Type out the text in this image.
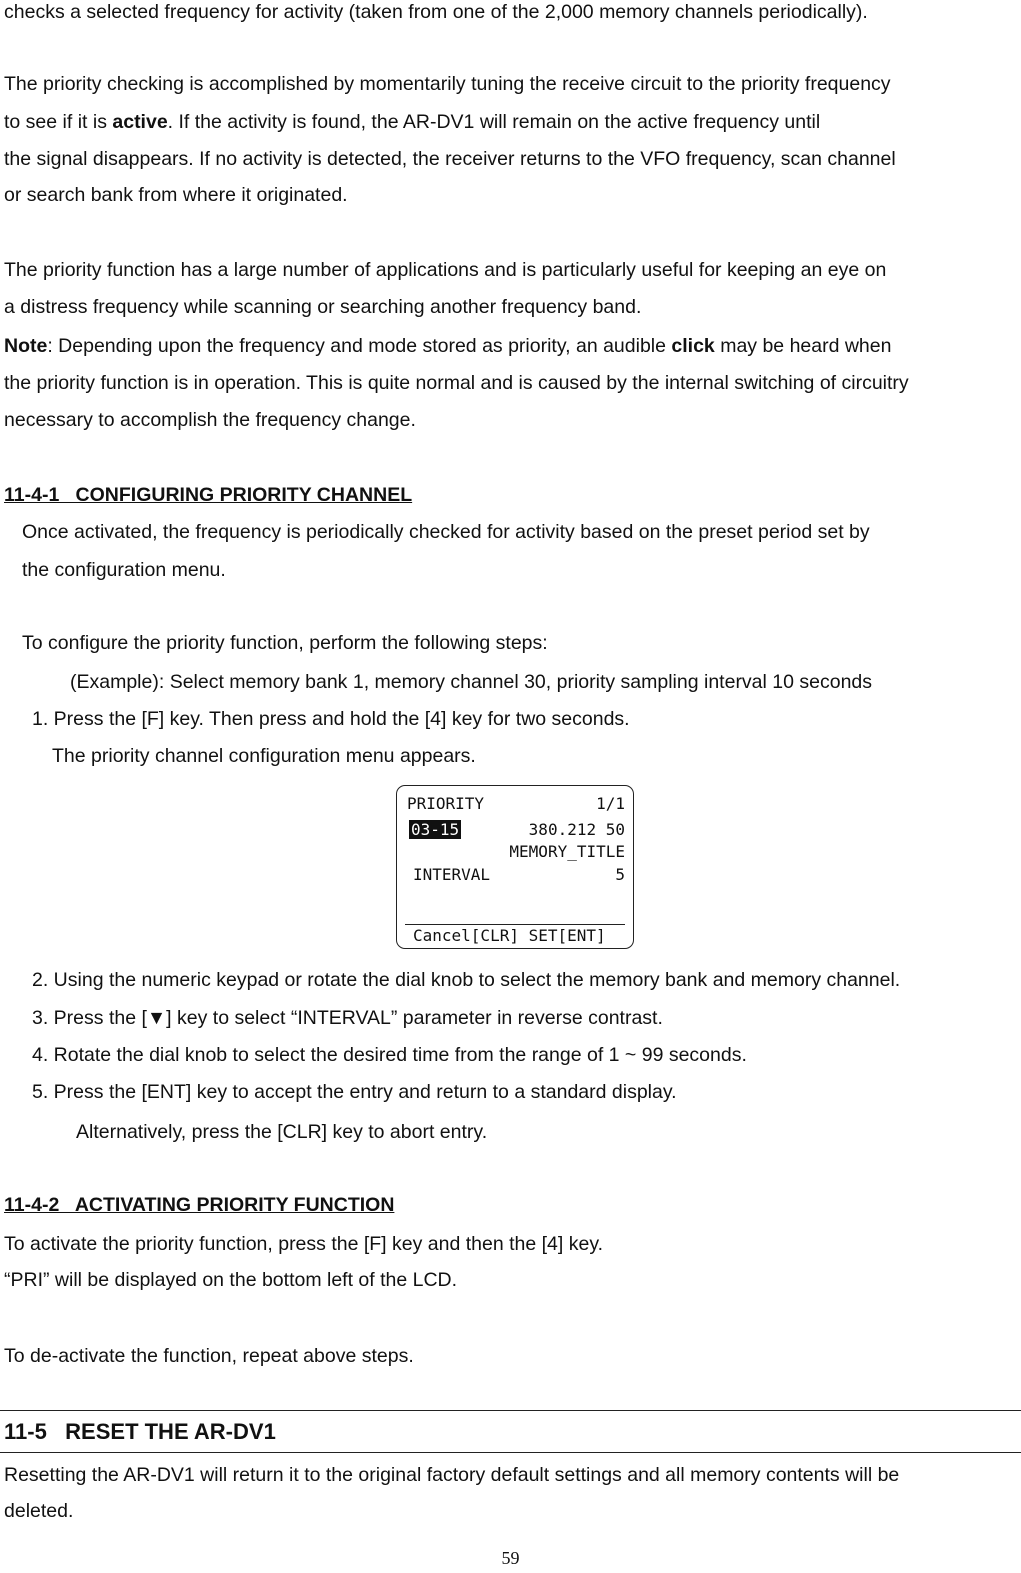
checks a selected frequency for activity (taken from one of the 2,000 memory channels periodically).
The priority checking is accomplished by momentarily tuning the receive circuit to the priority frequency
to see if it is active. If the activity is found, the AR-DV1 will remain on the active frequency until
the signal disappears. If no activity is detected, the receiver returns to the VFO frequency, scan channel
or search bank from where it originated.
The priority function has a large number of applications and is particularly useful for keeping an eye on
a distress frequency while scanning or searching another frequency band.
Note: Depending upon the frequency and mode stored as priority, an audible click may be heard when
the priority function is in operation. This is quite normal and is caused by the internal switching of circuitry
necessary to accomplish the frequency change.
11-4-1   CONFIGURING PRIORITY CHANNEL
Once activated, the frequency is periodically checked for activity based on the preset period set by
the configuration menu.
To configure the priority function, perform the following steps:
(Example): Select memory bank 1, memory channel 30, priority sampling interval 10 seconds
1. Press the [F] key. Then press and hold the [4] key for two seconds.
The priority channel configuration menu appears.
PRIORITY	1/1
03-15	380.212 50
MEMORY_TITLE
INTERVAL	5
Cancel[CLR] SET[ENT]
2. Using the numeric keypad or rotate the dial knob to select the memory bank and memory channel.
3. Press the [▼] key to select “INTERVAL” parameter in reverse contrast.
4. Rotate the dial knob to select the desired time from the range of 1 ~ 99 seconds.
5. Press the [ENT] key to accept the entry and return to a standard display.
Alternatively, press the [CLR] key to abort entry.
11-4-2   ACTIVATING PRIORITY FUNCTION
To activate the priority function, press the [F] key and then the [4] key.
“PRI” will be displayed on the bottom left of the LCD.
To de-activate the function, repeat above steps.
11-5   RESET THE AR-DV1
Resetting the AR-DV1 will return it to the original factory default settings and all memory contents will be
deleted.
59
